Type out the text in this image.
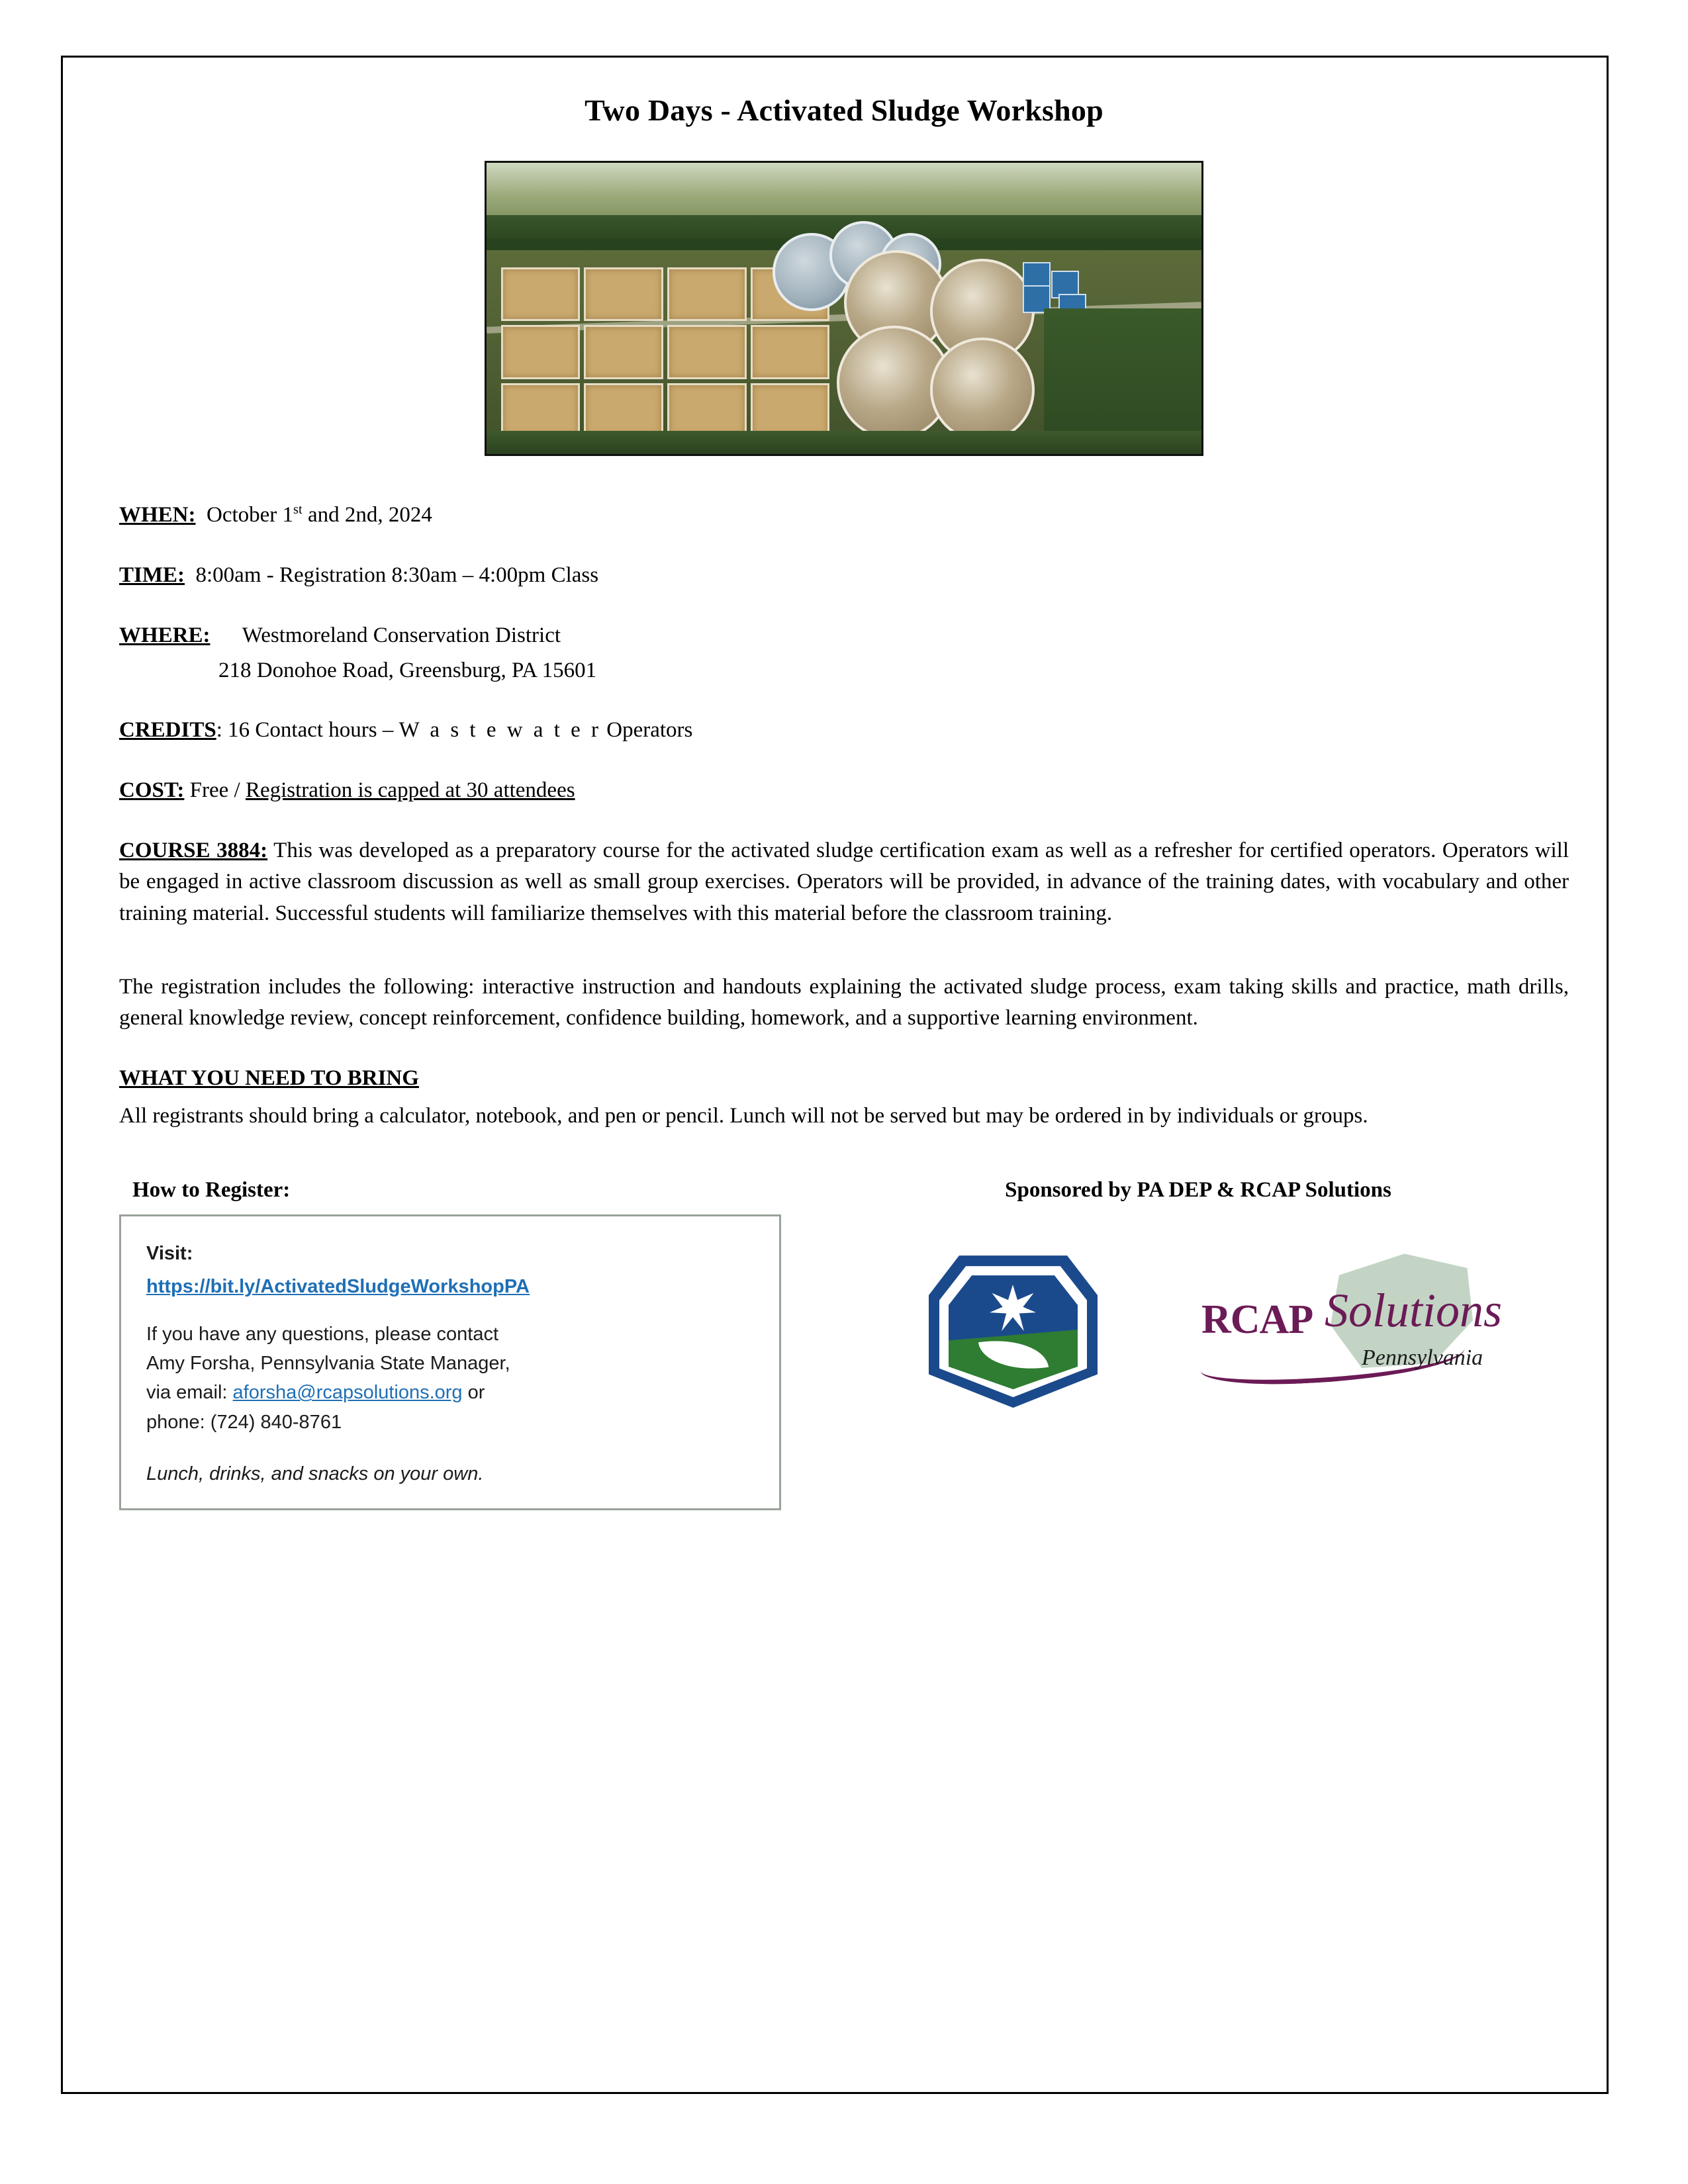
Two Days - Activated Sludge Workshop

WHEN: October 1st and 2nd, 2024

TIME: 8:00am - Registration 8:30am – 4:00pm Class

WHERE: Westmoreland Conservation District
218 Donohoe Road, Greensburg, PA 15601

CREDITS: 16 Contact hours – W a s t e w a t e r Operators

COST: Free / Registration is capped at 30 attendees

COURSE 3884: This was developed as a preparatory course for the activated sludge certification exam as well as a refresher for certified operators. Operators will be engaged in active classroom discussion as well as small group exercises. Operators will be provided, in advance of the training dates, with vocabulary and other training material. Successful students will familiarize themselves with this material before the classroom training.

The registration includes the following: interactive instruction and handouts explaining the activated sludge process, exam taking skills and practice, math drills, general knowledge review, concept reinforcement, confidence building, homework, and a supportive learning environment.

WHAT YOU NEED TO BRING

All registrants should bring a calculator, notebook, and pen or pencil. Lunch will not be served but may be ordered in by individuals or groups.

How to Register:

Visit:

https://bit.ly/ActivatedSludgeWorkshopPA

If you have any questions, please contact

Amy Forsha, Pennsylvania State Manager,

via email: aforsha@rcapsolutions.org or

phone: (724) 840-8761

Lunch, drinks, and snacks on your own.

Sponsored by PA DEP & RCAP Solutions
RCAP Solutions
Pennsylvania
